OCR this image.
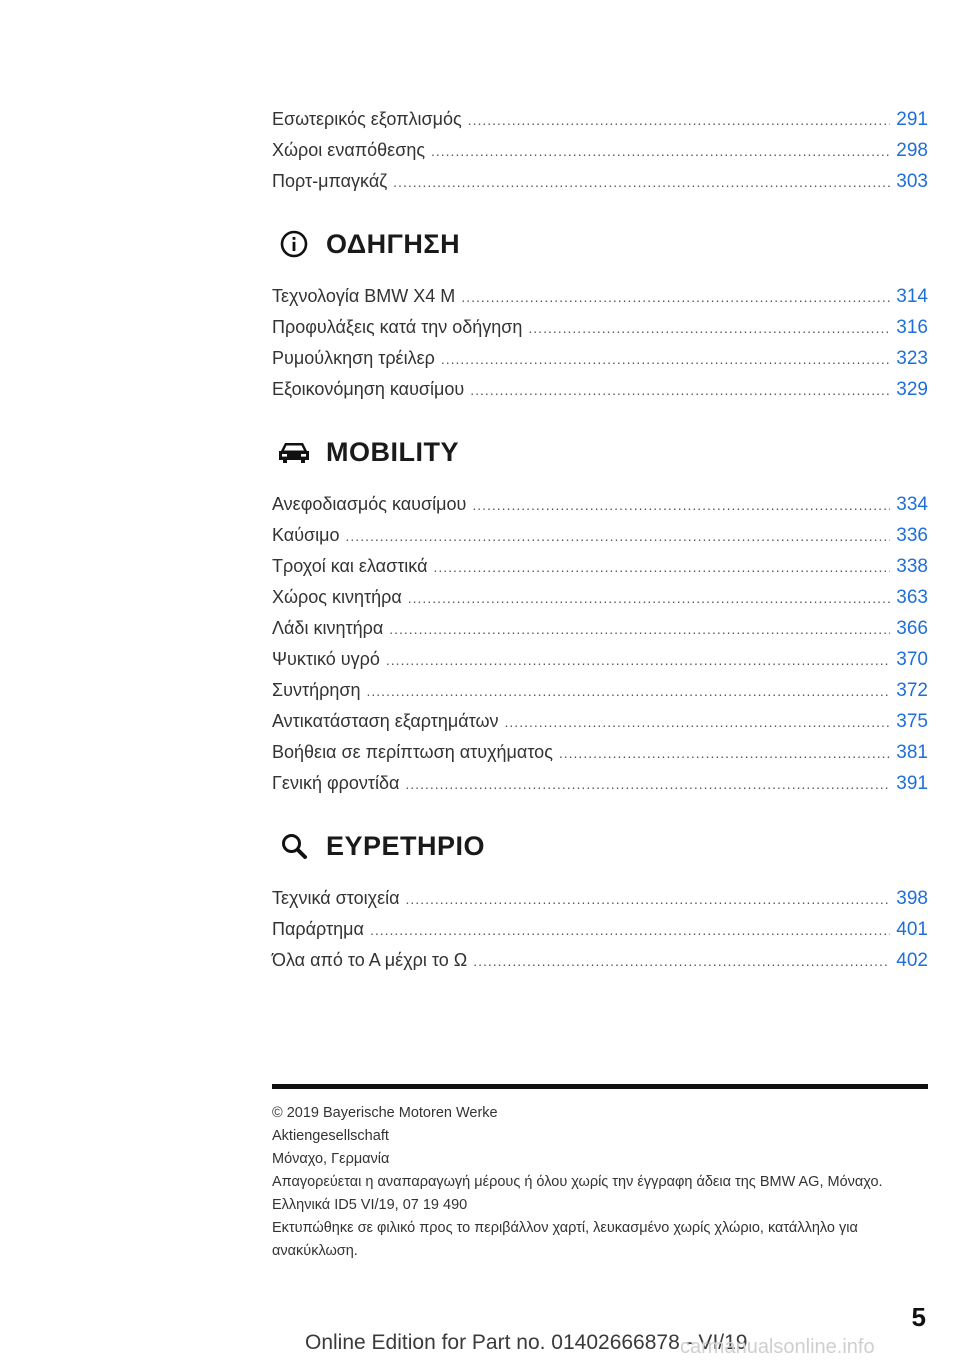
Εσωτερικός εξοπλισμός .....	291
Χώροι εναπόθεσης .....	298
Πορτ-μπαγκάζ .....	303
ΟΔΗΓΗΣΗ
Τεχνολογία BMW X4 M .....	314
Προφυλάξεις κατά την οδήγηση .....	316
Ρυμούλκηση τρέιλερ .....	323
Εξοικονόμηση καυσίμου .....	329
MOBILITY
Ανεφοδιασμός καυσίμου .....	334
Καύσιμο .....	336
Τροχοί και ελαστικά .....	338
Χώρος κινητήρα .....	363
Λάδι κινητήρα .....	366
Ψυκτικό υγρό .....	370
Συντήρηση .....	372
Αντικατάσταση εξαρτημάτων .....	375
Βοήθεια σε περίπτωση ατυχήματος .....	381
Γενική φροντίδα .....	391
ΕΥΡΕΤΗΡΙΟ
Τεχνικά στοιχεία .....	398
Παράρτημα .....	401
Όλα από το Α μέχρι το Ω .....	402
© 2019 Bayerische Motoren Werke
Aktiengesellschaft
Μόναχο, Γερμανία
Απαγορεύεται η αναπαραγωγή μέρους ή όλου χωρίς την έγγραφη άδεια της BMW AG, Μόναχο.
Ελληνικά ID5 VI/19, 07 19 490
Εκτυπώθηκε σε φιλικό προς το περιβάλλον χαρτί, λευκασμένο χωρίς χλώριο, κατάλληλο για ανακύκλωση.
5
Online Edition for Part no. 01402666878 - VI/19
carmanualsonline.info
